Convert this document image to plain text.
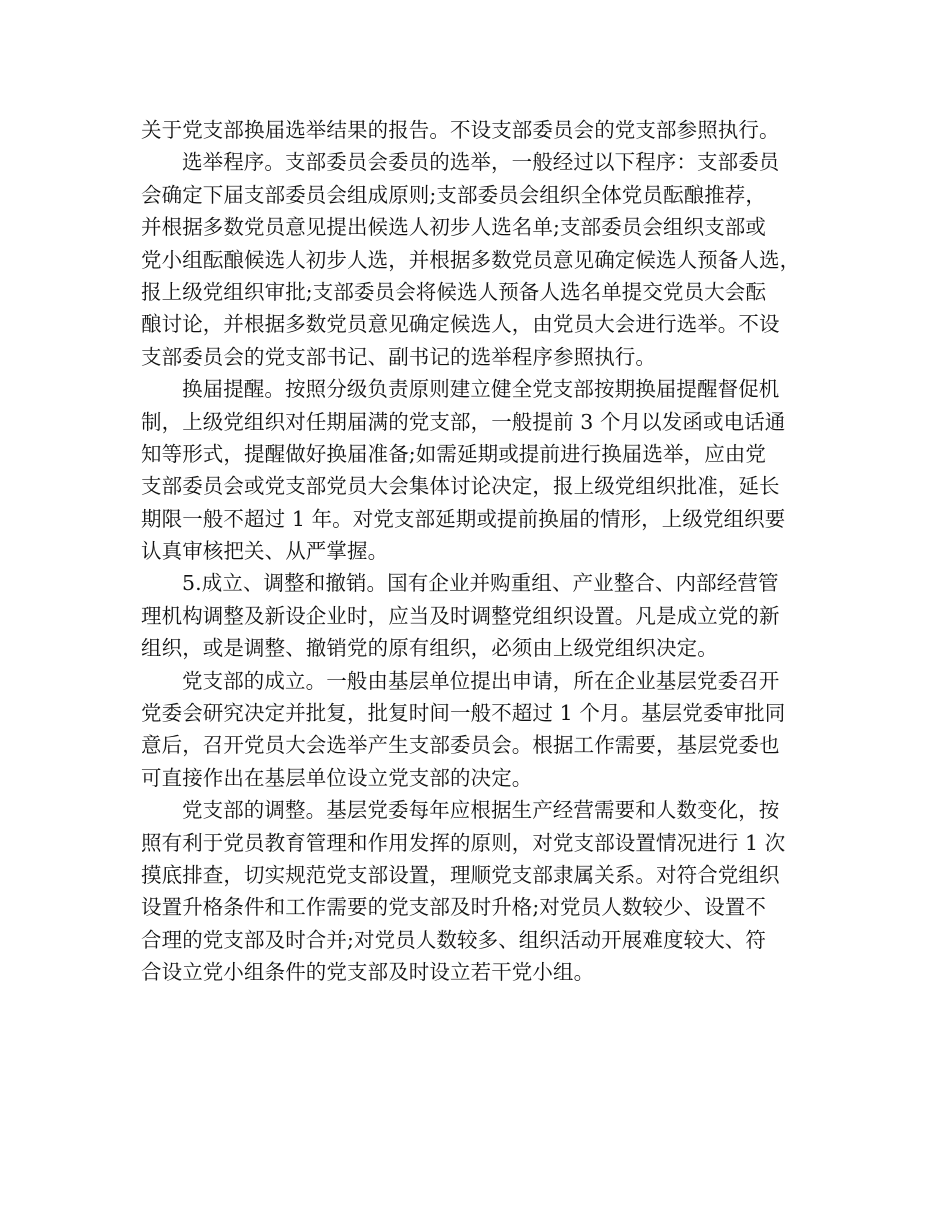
关于党支部换届选举结果的报告。不设支部委员会的党支部参照执行。
选举程序。支部委员会委员的选举，一般经过以下程序：支部委员
会确定下届支部委员会组成原则;支部委员会组织全体党员酝酿推荐，
并根据多数党员意见提出候选人初步人选名单;支部委员会组织支部或
党小组酝酿候选人初步人选，并根据多数党员意见确定候选人预备人选，
报上级党组织审批;支部委员会将候选人预备人选名单提交党员大会酝
酿讨论，并根据多数党员意见确定候选人，由党员大会进行选举。不设
支部委员会的党支部书记、副书记的选举程序参照执行。
换届提醒。按照分级负责原则建立健全党支部按期换届提醒督促机
制，上级党组织对任期届满的党支部，一般提前 3 个月以发函或电话通
知等形式，提醒做好换届准备;如需延期或提前进行换届选举，应由党
支部委员会或党支部党员大会集体讨论决定，报上级党组织批准，延长
期限一般不超过 1 年。对党支部延期或提前换届的情形，上级党组织要
认真审核把关、从严掌握。
5.成立、调整和撤销。国有企业并购重组、产业整合、内部经营管
理机构调整及新设企业时，应当及时调整党组织设置。凡是成立党的新
组织，或是调整、撤销党的原有组织，必须由上级党组织决定。
党支部的成立。一般由基层单位提出申请，所在企业基层党委召开
党委会研究决定并批复，批复时间一般不超过 1 个月。基层党委审批同
意后，召开党员大会选举产生支部委员会。根据工作需要，基层党委也
可直接作出在基层单位设立党支部的决定。
党支部的调整。基层党委每年应根据生产经营需要和人数变化，按
照有利于党员教育管理和作用发挥的原则，对党支部设置情况进行 1 次
摸底排查，切实规范党支部设置，理顺党支部隶属关系。对符合党组织
设置升格条件和工作需要的党支部及时升格;对党员人数较少、设置不
合理的党支部及时合并;对党员人数较多、组织活动开展难度较大、符
合设立党小组条件的党支部及时设立若干党小组。
